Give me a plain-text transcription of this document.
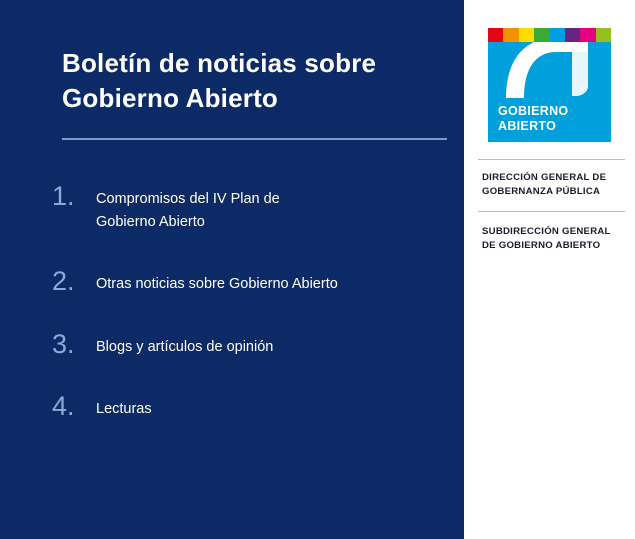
Boletín de noticias sobre
Gobierno Abierto
1.	Compromisos del IV Plan de
Gobierno Abierto
2.	Otras noticias sobre Gobierno Abierto
3.	Blogs y artículos de opinión
4.	Lecturas
GOBIERNO
ABIERTO
DIRECCIÓN GENERAL DE
GOBERNANZA PÚBLICA
SUBDIRECCIÓN GENERAL
DE GOBIERNO ABIERTO
